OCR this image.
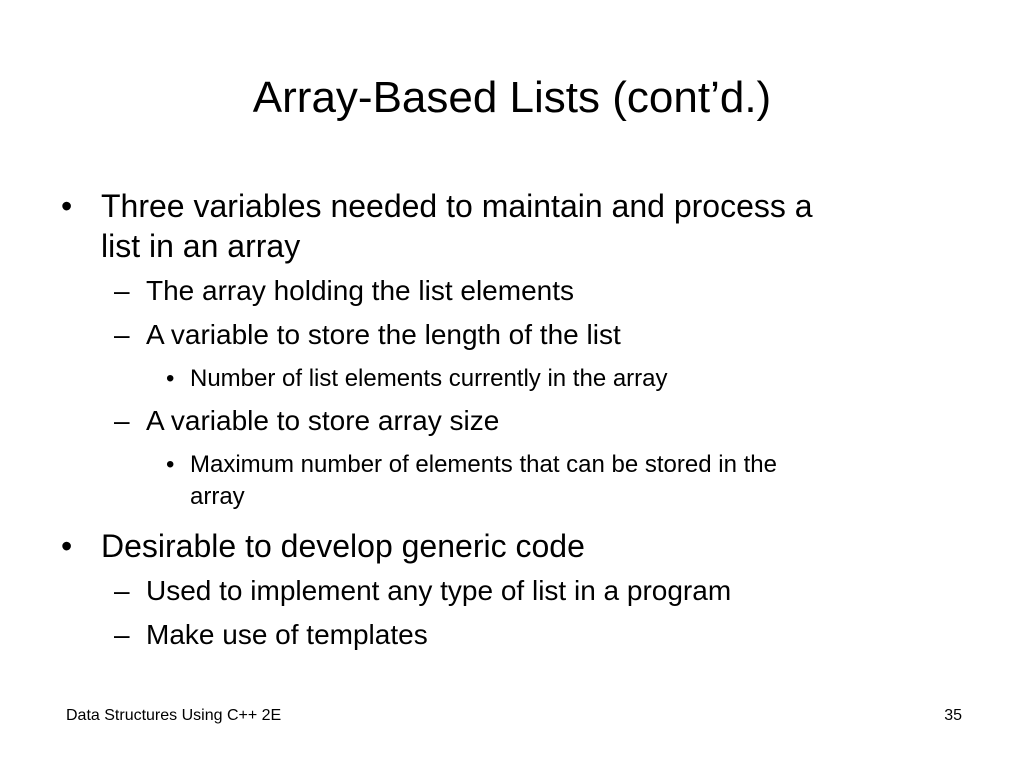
Array-Based Lists (cont’d.)
• Three variables needed to maintain and process a
list in an array
– The array holding the list elements
– A variable to store the length of the list
• Number of list elements currently in the array
– A variable to store array size
• Maximum number of elements that can be stored in the
array
• Desirable to develop generic code
– Used to implement any type of list in a program
– Make use of templates
Data Structures Using C++ 2E	35
